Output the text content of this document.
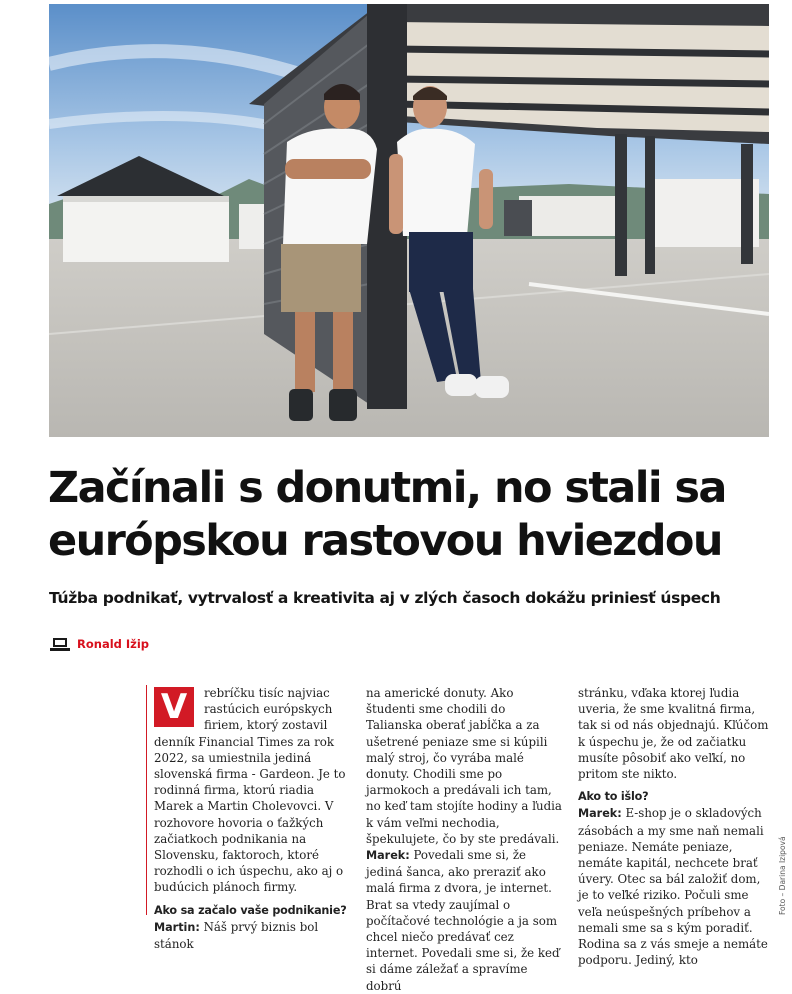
Začínali s donutmi, no stali sa
európskou rastovou hviezdou

Túžba podnikať, vytrvalosť a kreativita aj v zlých časoch dokážu priniesť úspech

Ronald Ižip

V	rebríčku tisíc najviac rastúcich európskych firiem, ktorý zostavil denník Financial Times za rok 2022, sa umiestnila jediná slovenská firma - Gardeon. Je to rodinná firma, ktorú riadia Marek a Martin Cholevovci. V rozhovore hovoria o ťažkých začiatkoch podnikania na Slovensku, faktoroch, ktoré rozhodli o ich úspechu, ako aj o budúcich plánoch firmy.

Ako sa začalo vaše podnikanie?

Martin: Náš prvý biznis bol stánok

na americké donuty. Ako študenti sme chodili do Talianska oberať jabĺčka a za ušetrené peniaze sme si kúpili malý stroj, čo vyrába malé donuty. Chodili sme po jarmokoch a predávali ich tam, no keď tam stojíte hodiny a ľudia k vám veľmi nechodia, špekulujete, čo by ste predávali.

Marek: Povedali sme si, že jediná šanca, ako preraziť ako malá firma z dvora, je internet. Brat sa vtedy zaujímal o počítačové technológie a ja som chcel niečo predávať cez internet. Povedali sme si, že keď si dáme záležať a spravíme dobrú

stránku, vďaka ktorej ľudia uveria, že sme kvalitná firma, tak si od nás objednajú. Kľúčom k úspechu je, že od začiatku musíte pôsobiť ako veľkí, no pritom ste nikto.

Ako to išlo?

Marek: E-shop je o skladových zásobách a my sme naň nemali peniaze. Nemáte peniaze, nemáte kapitál, nechcete brať úvery. Otec sa bál založiť dom, je to veľké riziko. Počuli sme veľa neúspešných príbehov a nemali sme sa s kým poradiť. Rodina sa z vás smeje a nemáte podporu. Jediný, kto

Foto – Darina Izipová
